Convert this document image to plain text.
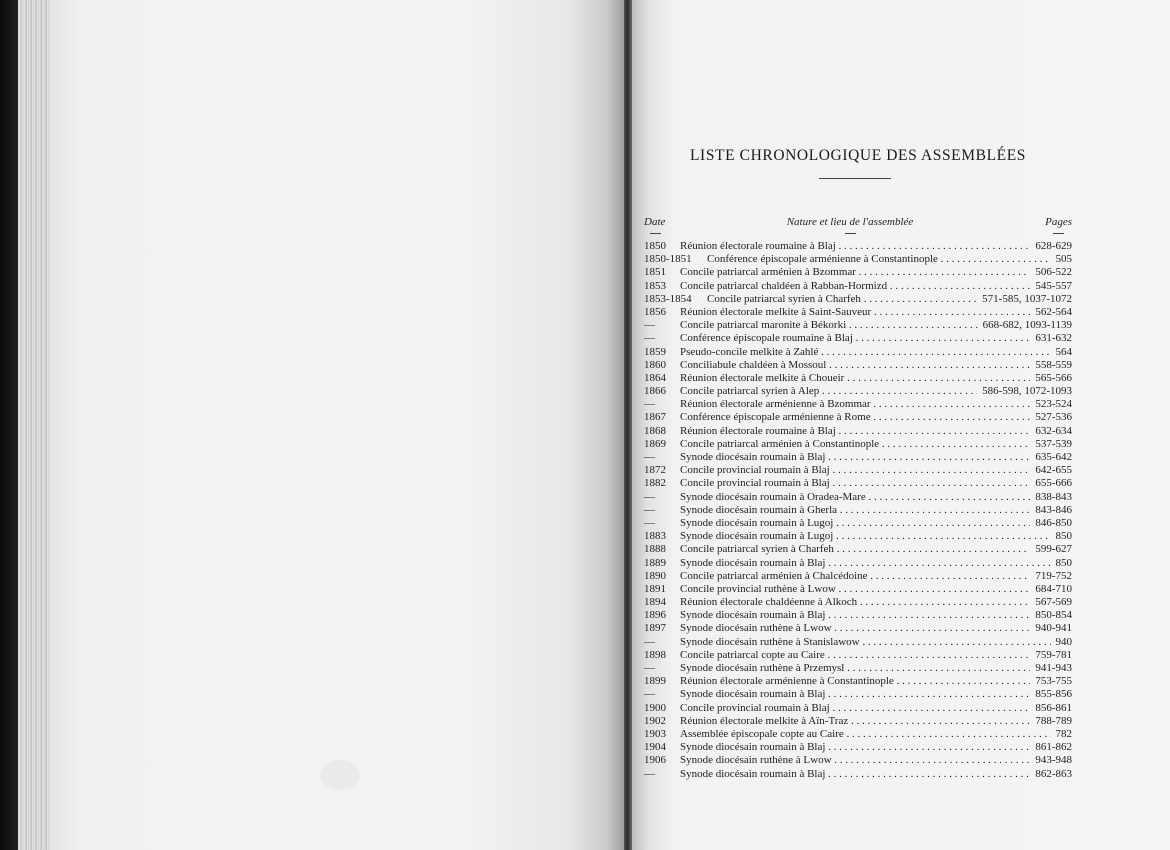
LISTE CHRONOLOGIQUE DES ASSEMBLÉES
Date	Nature et lieu de l'assemblée	Pages
1850 Réunion électorale roumaine à Blaj . . .	628-629
1850-1851 Conférence épiscopale arménienne à Constantinople . . .	505
1851 Concile patriarcal arménien à Bzommar . . .	506-522
1853 Concile patriarcal chaldéen à Rabban-Hormizd . . .	545-557
1853-1854 Concile patriarcal syrien à Charfeh . . .	571-585, 1037-1072
1856 Réunion électorale melkite à Saint-Sauveur . . .	562-564
— Concile patriarcal maronite à Békorki . . .	668-682, 1093-1139
— Conférence épiscopale roumaine à Blaj . . .	631-632
1859 Pseudo-concile melkite à Zahlé . . .	564
1860 Conciliabule chaldéen à Mossoul . . .	558-559
1864 Réunion électorale melkite à Choueir . . .	565-566
1866 Concile patriarcal syrien à Alep . . .	586-598, 1072-1093
— Réunion électorale arménienne à Bzommar . . .	523-524
1867 Conférence épiscopale arménienne à Rome . . .	527-536
1868 Réunion électorale roumaine à Blaj . . .	632-634
1869 Concile patriarcal arménien à Constantinople . . .	537-539
— Synode diocésain roumain à Blaj . . .	635-642
1872 Concile provincial roumain à Blaj . . .	642-655
1882 Concile provincial roumain à Blaj . . .	655-666
— Synode diocésain roumain à Oradea-Mare . . .	838-843
— Synode diocésain roumain à Gherla . . .	843-846
— Synode diocésain roumain à Lugoj . . .	846-850
1883 Synode diocésain roumain à Lugoj . . .	850
1888 Concile patriarcal syrien à Charfeh . . .	599-627
1889 Synode diocésain roumain à Blaj . . .	850
1890 Concile patriarcal arménien à Chalcédoine . . .	719-752
1891 Concile provincial ruthène à Lwow . . .	684-710
1894 Réunion électorale chaldéenne à Alkoch . . .	567-569
1896 Synode diocésain roumain à Blaj . . .	850-854
1897 Synode diocésain ruthène à Lwow . . .	940-941
— Synode diocésain ruthène à Stanislawow . . .	940
1898 Concile patriarcal copte au Caire . . .	759-781
— Synode diocésain ruthène à Przemysl . . .	941-943
1899 Réunion électorale arménienne à Constantinople . . .	753-755
— Synode diocésain roumain à Blaj . . .	855-856
1900 Concile provincial roumain à Blaj . . .	856-861
1902 Réunion électorale melkite à Aïn-Traz . . .	788-789
1903 Assemblée épiscopale copte au Caire . . .	782
1904 Synode diocésain roumain à Blaj . . .	861-862
1906 Synode diocésain ruthène à Lwow . . .	943-948
— Synode diocésain roumain à Blaj . . .	862-863
